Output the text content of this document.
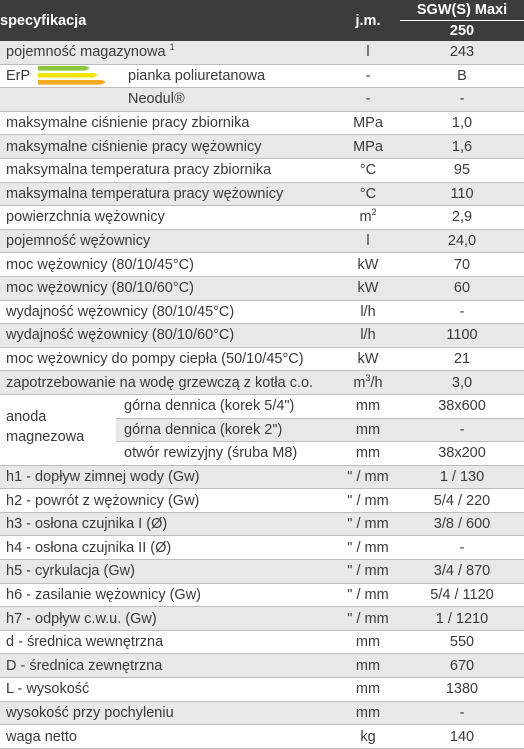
specyfikacja	j.m.	SGW(S) Maxi
		250
pojemność magazynowa $^1$	l	243

ErP pianka poliuretanowa	-	B
Neodul®	-	-
maksymalne ciśnienie pracy zbiornika	MPa	1,0
maksymalne ciśnienie pracy wężownicy	MPa	1,6
maksymalna temperatura pracy zbiornika	°C	95
maksymalna temperatura pracy wężownicy	°C	110
powierzchnia wężownicy	$m^2$	2,9
pojemność wężownicy	l	24,0
moc wężownicy (80/10/45°C)	kW	70
moc wężownicy (80/10/60°C)	kW	60
wydajność wężownicy (80/10/45°C)	l/h	-
wydajność wężownicy (80/10/60°C)	l/h	1100
moc wężownicy do pompy ciepła (50/10/45°C)	kW	21
zapotrzebowanie na wodę grzewczą z kotła c.o.	$m^3/h$	3,0

anoda magnezowa
górna dennica (korek 5/4")	mm	38x600

górna dennica (korek 2")	mm	-

otwór rewizyjny (śruba M8)	mm	38x200
h1 - dopływ zimnej wody (Gw)	" / mm	1 / 130
h2 - powrót z wężownicy (Gw)	" / mm	5/4 / 220
h3 - osłona czujnika I (Ø)	" / mm	3/8 / 600
h4 - osłona czujnika II (Ø)	" / mm	-
h5 - cyrkulacja (Gw)	" / mm	3/4 / 870
h6 - zasilanie wężownicy (Gw)	" / mm	5/4 / 1120
h7 - odpływ c.w.u. (Gw)	" / mm	1 / 1210
d - średnica wewnętrzna	mm	550
D - średnica zewnętrzna	mm	670
L - wysokość	mm	1380
wysokość przy pochyleniu	mm	-
waga netto	kg	140
